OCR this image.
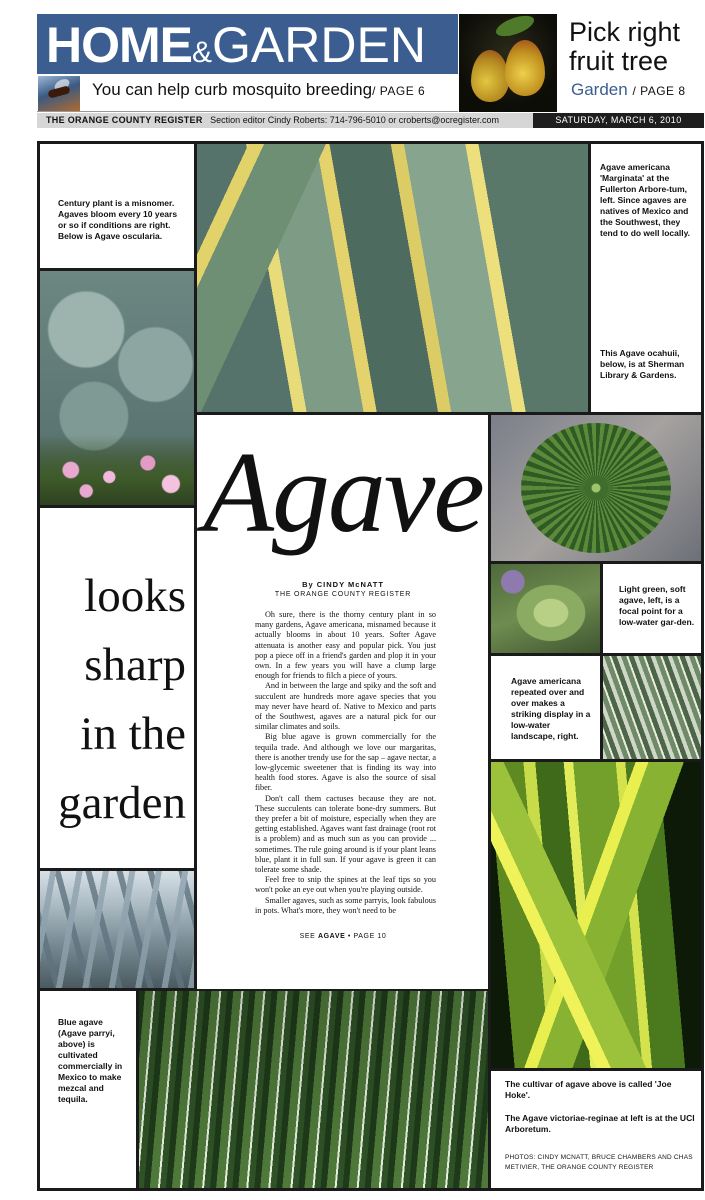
HOME&GARDEN
You can help curb mosquito breeding/ PAGE 6
Pick right fruit tree
Garden / PAGE 8
THE ORANGE COUNTY REGISTER Section editor Cindy Roberts: 714-796-5010 or croberts@ocregister.com	SATURDAY, MARCH 6, 2010
Century plant is a misnomer. Agaves bloom every 10 years or so if conditions are right. Below is Agave oscularia.
Agave americana 'Marginata' at the Fullerton Arbore-tum, left. Since agaves are natives of Mexico and the Southwest, they tend to do well locally.
This Agave ocahuii, below, is at Sherman Library & Gardens.
Agave
By CINDY McNATT
THE ORANGE COUNTY REGISTER

Oh sure, there is the thorny century plant in so many gardens, Agave americana, misnamed because it actually blooms in about 10 years. Softer Agave attenuata is another easy and popular pick. You just pop a piece off in a friend's garden and plop it in your own. In a few years you will have a clump large enough for friends to filch a piece of yours.

And in between the large and spiky and the soft and succulent are hundreds more agave species that you may never have heard of. Native to Mexico and parts of the Southwest, agaves are a natural pick for our similar climates and soils.

Big blue agave is grown commercially for the tequila trade. And although we love our margaritas, there is another trendy use for the sap – agave nectar, a low-glycemic sweetener that is finding its way into health food stores. Agave is also the source of sisal fiber.

Don't call them cactuses because they are not. These succulents can tolerate bone-dry summers. But they prefer a bit of moisture, especially when they are getting established. Agaves want fast drainage (root rot is a problem) and as much sun as you can provide ... sometimes. The rule going around is if your plant leans blue, plant it in full sun. If your agave is green it can tolerate some shade.

Feel free to snip the spines at the leaf tips so you won't poke an eye out when you're playing outside.

Smaller agaves, such as some parryis, look fabulous in pots. What's more, they won't need to be

SEE AGAVE • PAGE 10
looks sharp in the garden
Light green, soft agave, left, is a focal point for a low-water gar-den.
Agave americana repeated over and over makes a striking display in a low-water landscape, right.
Blue agave (Agave parryi, above) is cultivated commercially in Mexico to make mezcal and tequila.
The cultivar of agave above is called 'Joe Hoke'.
The Agave victoriae-reginae at left is at the UCI Arboretum.
PHOTOS: CINDY MCNATT, BRUCE CHAMBERS AND CHAS METIVIER, THE ORANGE COUNTY REGISTER
